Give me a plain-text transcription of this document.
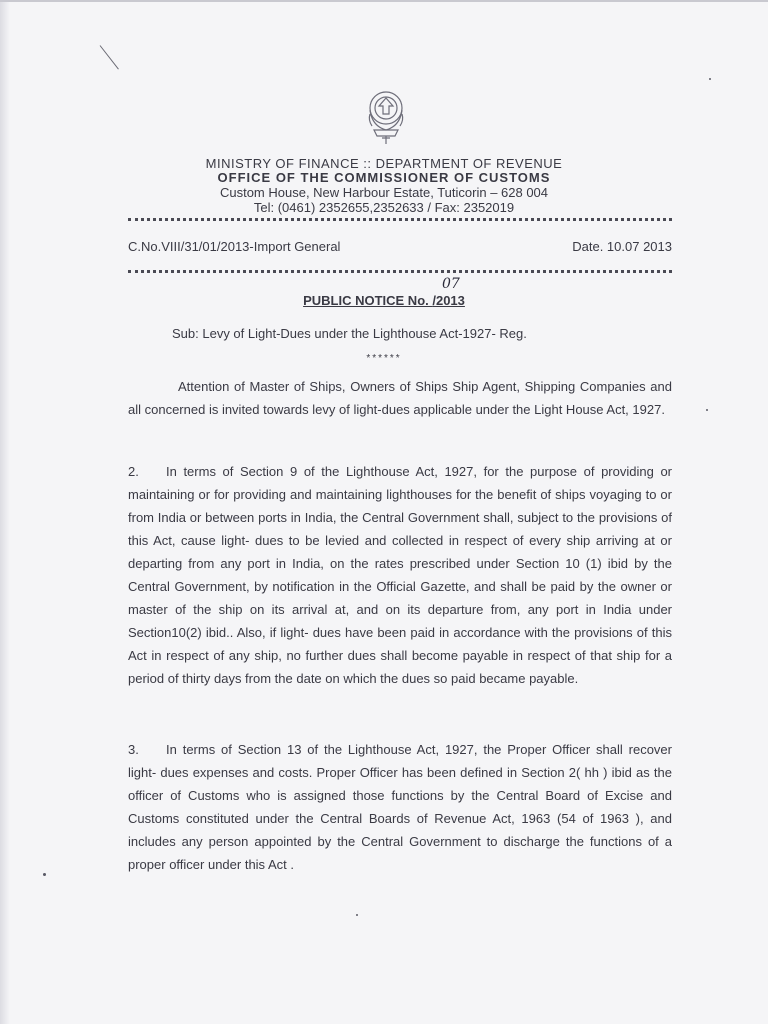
MINISTRY OF FINANCE :: DEPARTMENT OF REVENUE
OFFICE OF THE COMMISSIONER OF CUSTOMS
Custom House, New Harbour Estate, Tuticorin – 628 004
Tel: (0461) 2352655,2352633 / Fax: 2352019
C.No.VIII/31/01/2013-Import General	Date. 10.07 2013
07
PUBLIC NOTICE No. /2013
Sub: Levy of Light-Dues under the Lighthouse Act-1927- Reg.
******

Attention of Master of Ships, Owners of Ships Ship Agent, Shipping Companies and all concerned is invited towards levy of light-dues applicable under the Light House Act, 1927.

2. In terms of Section 9 of the Lighthouse Act, 1927, for the purpose of providing or maintaining or for providing and maintaining lighthouses for the benefit of ships voyaging to or from India or between ports in India, the Central Government shall, subject to the provisions of this Act, cause light- dues to be levied and collected in respect of every ship arriving at or departing from any port in India, on the rates prescribed under Section 10 (1) ibid by the Central Government, by notification in the Official Gazette, and shall be paid by the owner or master of the ship on its arrival at, and on its departure from, any port in India under Section10(2) ibid.. Also, if light- dues have been paid in accordance with the provisions of this Act in respect of any ship, no further dues shall become payable in respect of that ship for a period of thirty days from the date on which the dues so paid became payable.

3. In terms of Section 13 of the Lighthouse Act, 1927, the Proper Officer shall recover light- dues expenses and costs. Proper Officer has been defined in Section 2( hh ) ibid as the officer of Customs who is assigned those functions by the Central Board of Excise and Customs constituted under the Central Boards of Revenue Act, 1963 (54 of 1963 ), and includes any person appointed by the Central Government to discharge the functions of a proper officer under this Act .
